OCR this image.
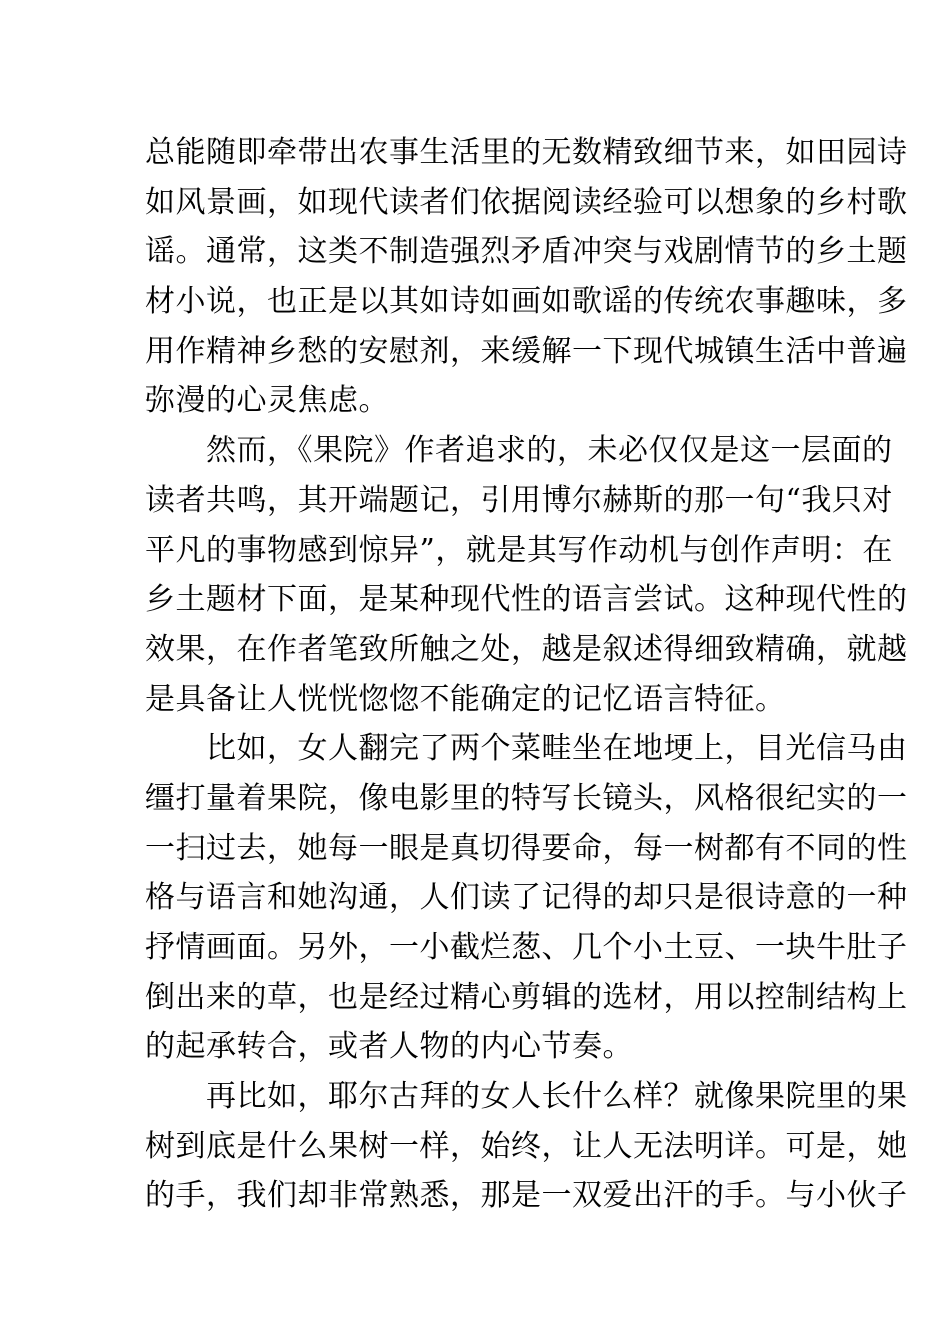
总能随即牵带出农事生活里的无数精致细节来，如田园诗
如风景画，如现代读者们依据阅读经验可以想象的乡村歌
谣。通常，这类不制造强烈矛盾冲突与戏剧情节的乡土题
材小说，也正是以其如诗如画如歌谣的传统农事趣味，多
用作精神乡愁的安慰剂，来缓解一下现代城镇生活中普遍
弥漫的心灵焦虑。
　　然而，《果院》作者追求的，未必仅仅是这一层面的
读者共鸣，其开端题记，引用博尔赫斯的那一句“我只对
平凡的事物感到惊异”，就是其写作动机与创作声明：在
乡土题材下面，是某种现代性的语言尝试。这种现代性的
效果，在作者笔致所触之处，越是叙述得细致精确，就越
是具备让人恍恍惚惚不能确定的记忆语言特征。
　　比如，女人翻完了两个菜畦坐在地埂上，目光信马由
缰打量着果院，像电影里的特写长镜头，风格很纪实的一
一扫过去，她每一眼是真切得要命，每一树都有不同的性
格与语言和她沟通，人们读了记得的却只是很诗意的一种
抒情画面。另外，一小截烂葱、几个小土豆、一块牛肚子
倒出来的草，也是经过精心剪辑的选材，用以控制结构上
的起承转合，或者人物的内心节奏。
　　再比如，耶尔古拜的女人长什么样？就像果院里的果
树到底是什么果树一样，始终，让人无法明详。可是，她
的手，我们却非常熟悉，那是一双爱出汗的手。与小伙子
